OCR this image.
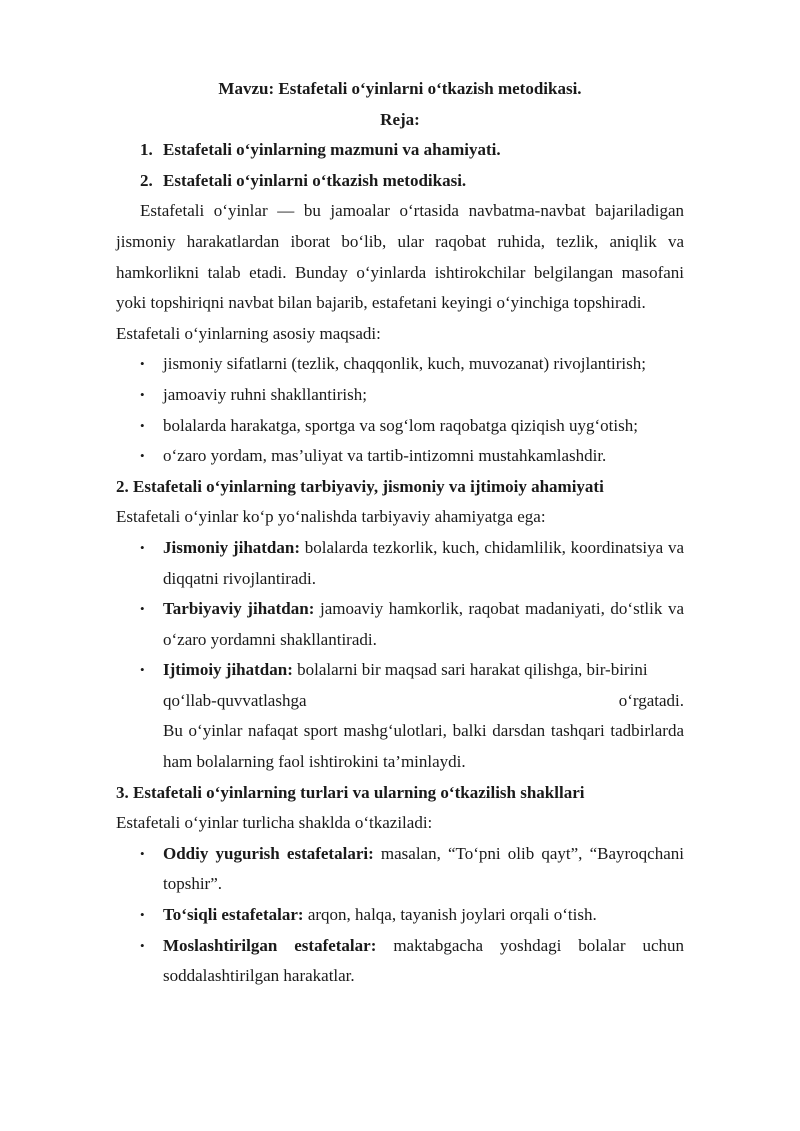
Mavzu: Estafetali o‘yinlarni o‘tkazish metodikasi.

Reja:

1. Estafetali o‘yinlarning mazmuni va ahamiyati.
2. Estafetali o‘yinlarni o‘tkazish metodikasi.

Estafetali o‘yinlar — bu jamoalar o‘rtasida navbatma-navbat bajariladigan jismoniy harakatlardan iborat bo‘lib, ular raqobat ruhida, tezlik, aniqlik va hamkorlikni talab etadi. Bunday o‘yinlarda ishtirokchilar belgilangan masofani yoki topshiriqni navbat bilan bajarib, estafetani keyingi o‘yinchiga topshiradi.

Estafetali o‘yinlarning asosiy maqsadi:

• jismoniy sifatlarni (tezlik, chaqqonlik, kuch, muvozanat) rivojlantirish;
• jamoaviy ruhni shakllantirish;
• bolalarda harakatga, sportga va sog‘lom raqobatga qiziqish uyg‘otish;
• o‘zaro yordam, mas’uliyat va tartib-intizomni mustahkamlashdir.

2. Estafetali o‘yinlarning tarbiyaviy, jismoniy va ijtimoiy ahamiyati

Estafetali o‘yinlar ko‘p yo‘nalishda tarbiyaviy ahamiyatga ega:

• Jismoniy jihatdan: bolalarda tezkorlik, kuch, chidamlilik, koordinatsiya va diqqatni rivojlantiradi.
• Tarbiyaviy jihatdan: jamoaviy hamkorlik, raqobat madaniyati, do‘stlik va o‘zaro yordamni shakllantiradi.
• Ijtimoiy jihatdan: bolalarni bir maqsad sari harakat qilishga, bir-birini
qo‘llab-quvvatlashga	o‘rgatadi.

Bu o‘yinlar nafaqat sport mashg‘ulotlari, balki darsdan tashqari tadbirlarda ham bolalarning faol ishtirokini ta’minlaydi.

3. Estafetali o‘yinlarning turlari va ularning o‘tkazilish shakllari

Estafetali o‘yinlar turlicha shaklda o‘tkaziladi:

• Oddiy yugurish estafetalari: masalan, “To‘pni olib qayt”, “Bayroqchani topshir”.
• To‘siqli estafetalar: arqon, halqa, tayanish joylari orqali o‘tish.
• Moslashtirilgan estafetalar: maktabgacha yoshdagi bolalar uchun soddalashtirilgan harakatlar.
